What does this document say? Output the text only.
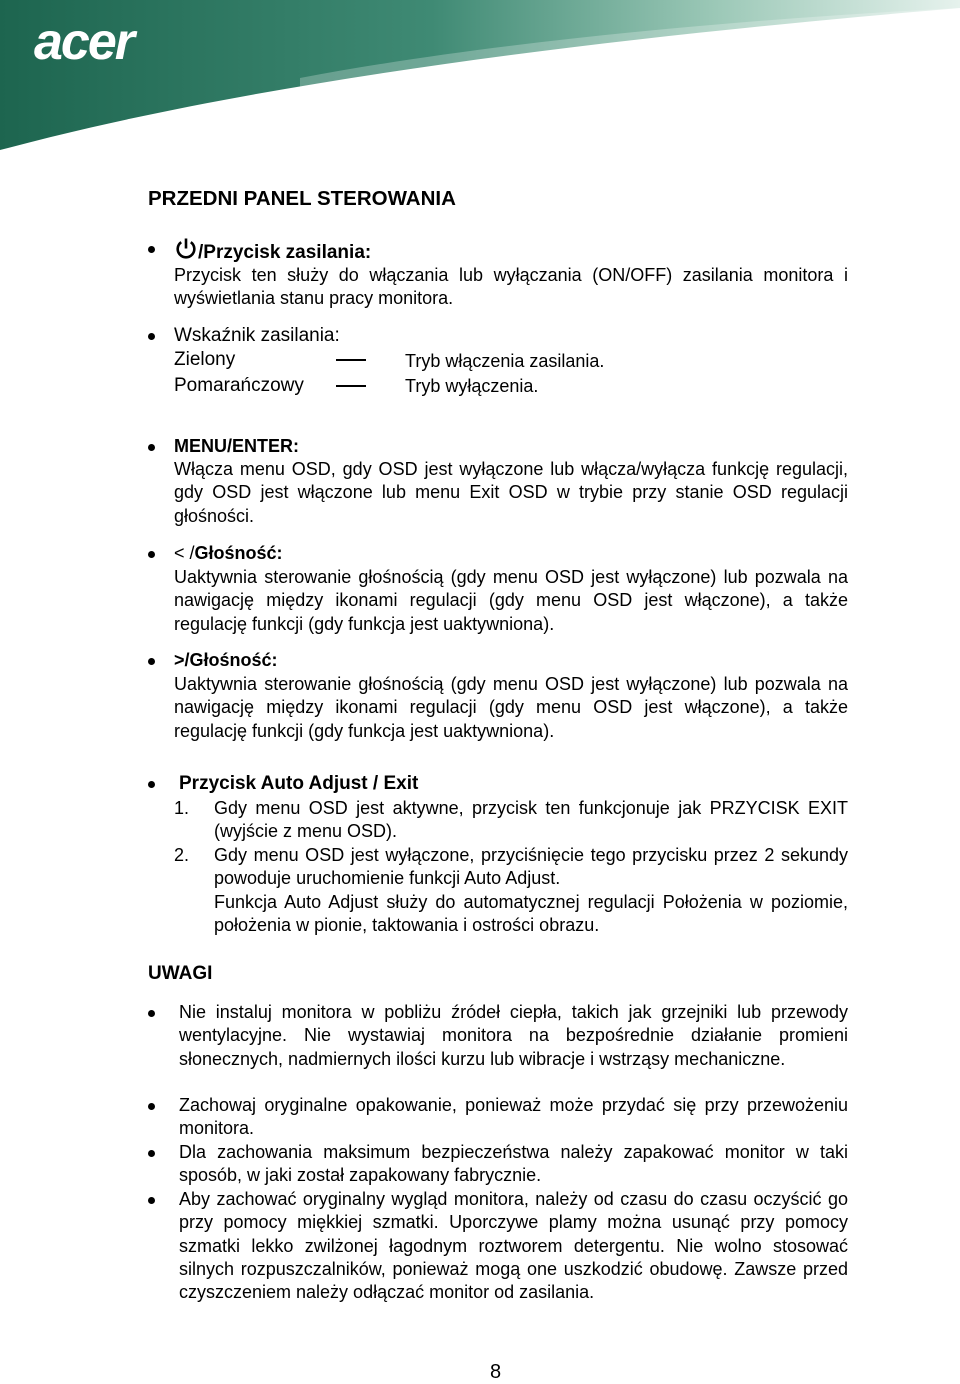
acer
PRZEDNI PANEL STEROWANIA
/Przycisk zasilania:
Przycisk ten służy do włączania lub wyłączania (ON/OFF) zasilania monitora i wyświetlania stanu pracy monitora.
Wskaźnik zasilania:
Zielony	Tryb włączenia zasilania.
Pomarańczowy	Tryb wyłączenia.
MENU/ENTER:
Włącza menu OSD, gdy OSD jest wyłączone lub włącza/wyłącza funkcję regulacji, gdy OSD jest włączone lub menu Exit OSD w trybie przy stanie OSD regulacji głośności.
< /Głośność:
Uaktywnia sterowanie głośnością (gdy menu OSD jest wyłączone) lub pozwala na nawigację między ikonami regulacji (gdy menu OSD jest włączone), a także regulację funkcji (gdy funkcja jest uaktywniona).
>/Głośność:
Uaktywnia sterowanie głośnością (gdy menu OSD jest wyłączone) lub pozwala na nawigację między ikonami regulacji (gdy menu OSD jest włączone), a także regulację funkcji (gdy funkcja jest uaktywniona).
Przycisk Auto Adjust / Exit
1. Gdy menu OSD jest aktywne, przycisk ten funkcjonuje jak PRZYCISK EXIT (wyjście z menu OSD).
2. Gdy menu OSD jest wyłączone, przyciśnięcie tego przycisku przez 2 sekundy powoduje uruchomienie funkcji Auto Adjust.
Funkcja Auto Adjust służy do automatycznej regulacji Położenia w poziomie, położenia w pionie, taktowania i ostrości obrazu.
UWAGI
Nie instaluj monitora w pobliżu źródeł ciepła, takich jak grzejniki lub przewody wentylacyjne. Nie wystawiaj monitora na bezpośrednie działanie promieni słonecznych, nadmiernych ilości kurzu lub wibracje i wstrząsy mechaniczne.
Zachowaj oryginalne opakowanie, ponieważ może przydać się przy przewożeniu monitora.
Dla zachowania maksimum bezpieczeństwa należy zapakować monitor w taki sposób, w jaki został zapakowany fabrycznie.
Aby zachować oryginalny wygląd monitora, należy od czasu do czasu oczyścić go przy pomocy miękkiej szmatki. Uporczywe plamy można usunąć przy pomocy szmatki lekko zwilżonej łagodnym roztworem detergentu. Nie wolno stosować silnych rozpuszczalników, ponieważ mogą one uszkodzić obudowę. Zawsze przed czyszczeniem należy odłączać monitor od zasilania.
8
